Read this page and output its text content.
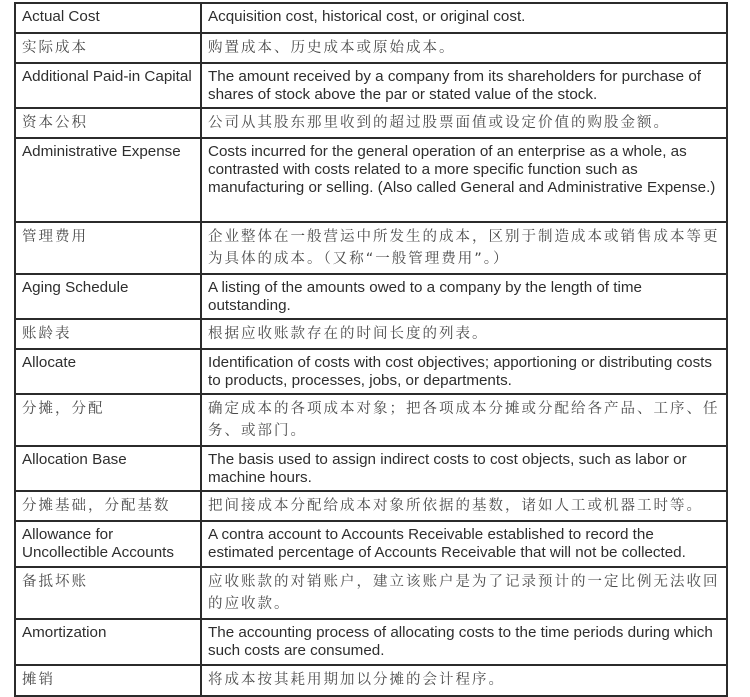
Actual Cost	Acquisition cost, historical cost, or original cost.
实际成本	购置成本、历史成本或原始成本。
Additional Paid-in Capital	The amount received by a company from its shareholders for purchase of shares of stock above the par or stated value of the stock.
资本公积	公司从其股东那里收到的超过股票面值或设定价值的购股金额。
Administrative Expense	Costs incurred for the general operation of an enterprise as a whole, as contrasted with costs related to a more specific function such as manufacturing or selling. (Also called General and Administrative Expense.)
管理费用	企业整体在一般营运中所发生的成本，区别于制造成本或销售成本等更为具体的成本。（又称“一般管理费用”。）
Aging Schedule	A listing of the amounts owed to a company by the length of time outstanding.
账龄表	根据应收账款存在的时间长度的列表。
Allocate	Identification of costs with cost objectives; apportioning or distributing costs to products, processes, jobs, or departments.
分摊，分配	确定成本的各项成本对象；把各项成本分摊或分配给各产品、工序、任务、或部门。
Allocation Base	The basis used to assign indirect costs to cost objects, such as labor or machine hours.
分摊基础，分配基数	把间接成本分配给成本对象所依据的基数，诸如人工或机器工时等。
Allowance for Uncollectible Accounts	A contra account to Accounts Receivable established to record the estimated percentage of Accounts Receivable that will not be collected.
备抵坏账	应收账款的对销账户，建立该账户是为了记录预计的一定比例无法收回的应收款。
Amortization	The accounting process of allocating costs to the time periods during which such costs are consumed.
摊销	将成本按其耗用期加以分摊的会计程序。
